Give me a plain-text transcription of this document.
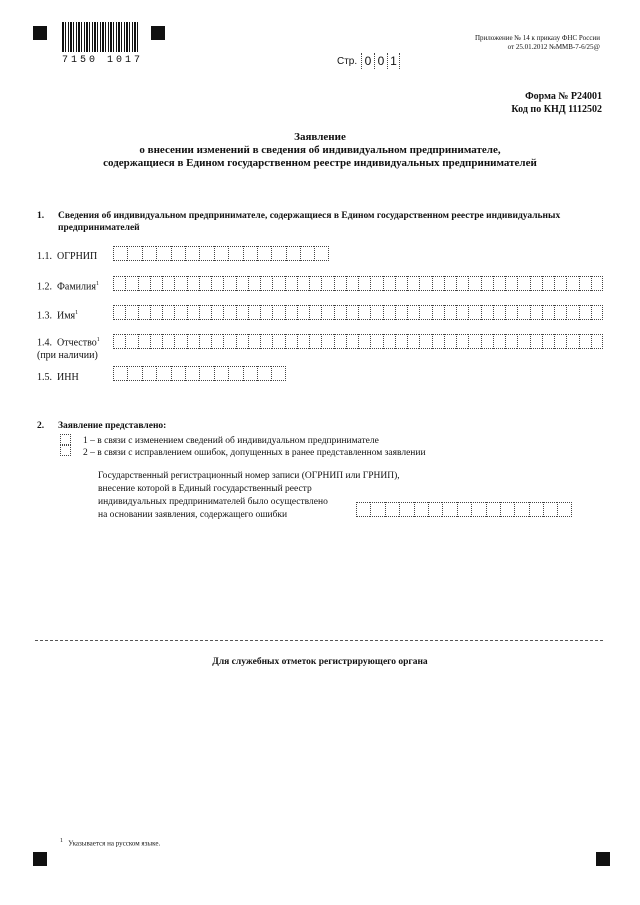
7150 1017
Приложение № 14 к приказу ФНС России
от 25.01.2012 №ММВ-7-6/25@
Стр. 0 0 1
Форма № Р24001
Код по КНД 1112502
Заявление
о внесении изменений в сведения об индивидуальном предпринимателе,
содержащиеся в Едином государственном реестре индивидуальных предпринимателей
1. Сведения об индивидуальном предпринимателе, содержащиеся в Едином государственном реестре индивидуальных
предпринимателей
1.1. ОГРНИП
1.2. Фамилия$^1$
1.3. Имя$^1$
1.4. Отчество$^1$
(при наличии)
1.5. ИНН
2. Заявление представлено:
1 – в связи с изменением сведений об индивидуальном предпринимателе
2 – в связи с исправлением ошибок, допущенных в ранее представленном заявлении
Государственный регистрационный номер записи (ОГРНИП или ГРНИП),
внесение которой в Единый государственный реестр
индивидуальных предпринимателей было осуществлено
на основании заявления, содержащего ошибки
Для служебных отметок регистрирующего органа
1 Указывается на русском языке.
